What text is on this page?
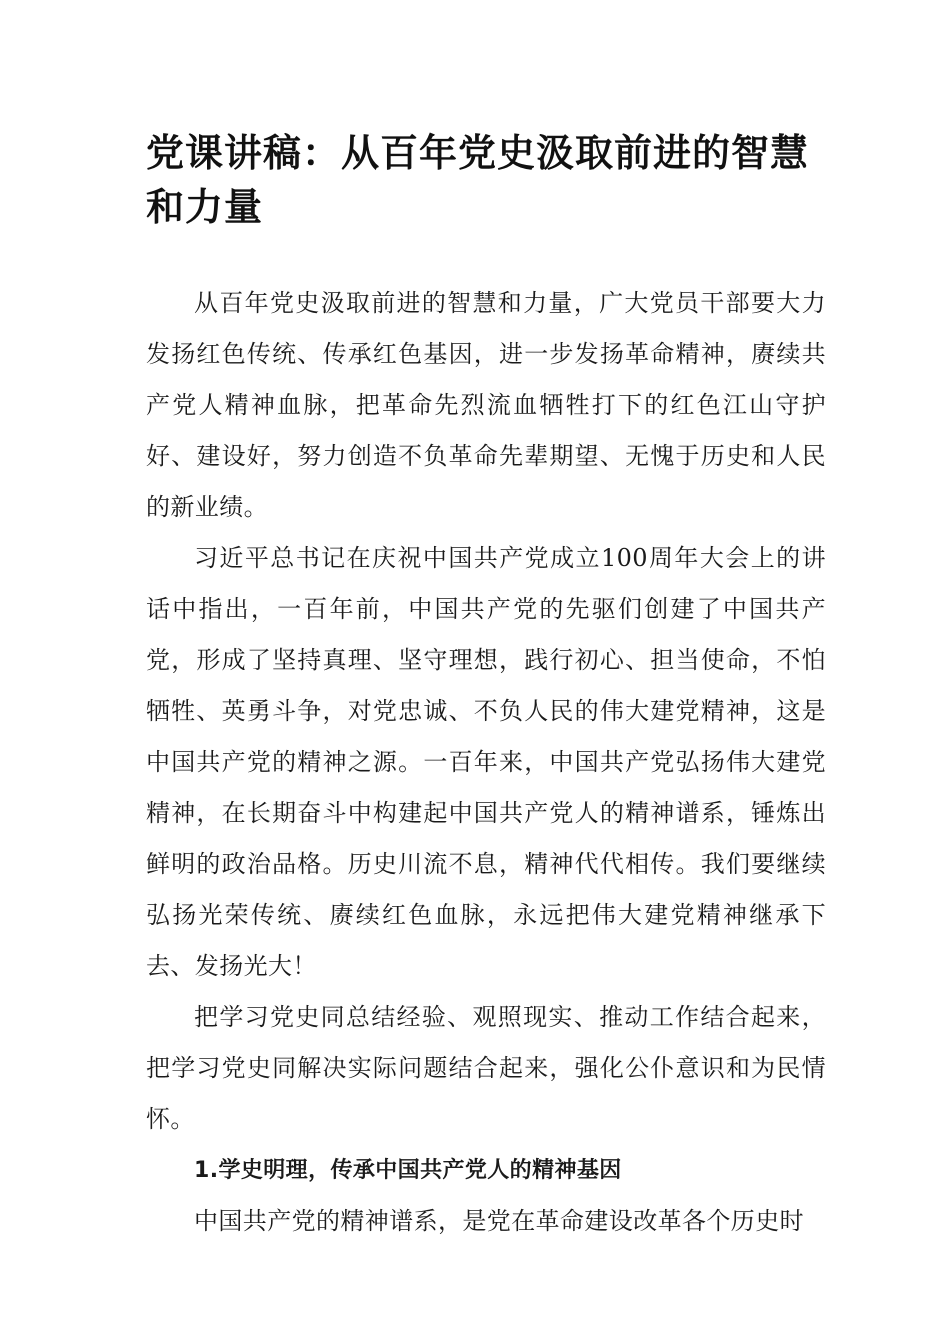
党课讲稿：从百年党史汲取前进的智慧和力量

从百年党史汲取前进的智慧和力量，广大党员干部要大力发扬红色传统、传承红色基因，进一步发扬革命精神，赓续共产党人精神血脉，把革命先烈流血牺牲打下的红色江山守护好、建设好，努力创造不负革命先辈期望、无愧于历史和人民的新业绩。

习近平总书记在庆祝中国共产党成立100周年大会上的讲话中指出，一百年前，中国共产党的先驱们创建了中国共产党，形成了坚持真理、坚守理想，践行初心、担当使命，不怕牺牲、英勇斗争，对党忠诚、不负人民的伟大建党精神，这是中国共产党的精神之源。一百年来，中国共产党弘扬伟大建党精神，在长期奋斗中构建起中国共产党人的精神谱系，锤炼出鲜明的政治品格。历史川流不息，精神代代相传。我们要继续弘扬光荣传统、赓续红色血脉，永远把伟大建党精神继承下去、发扬光大！

把学习党史同总结经验、观照现实、推动工作结合起来，把学习党史同解决实际问题结合起来，强化公仆意识和为民情怀。

1.学史明理，传承中国共产党人的精神基因

中国共产党的精神谱系，是党在革命建设改革各个历史时
